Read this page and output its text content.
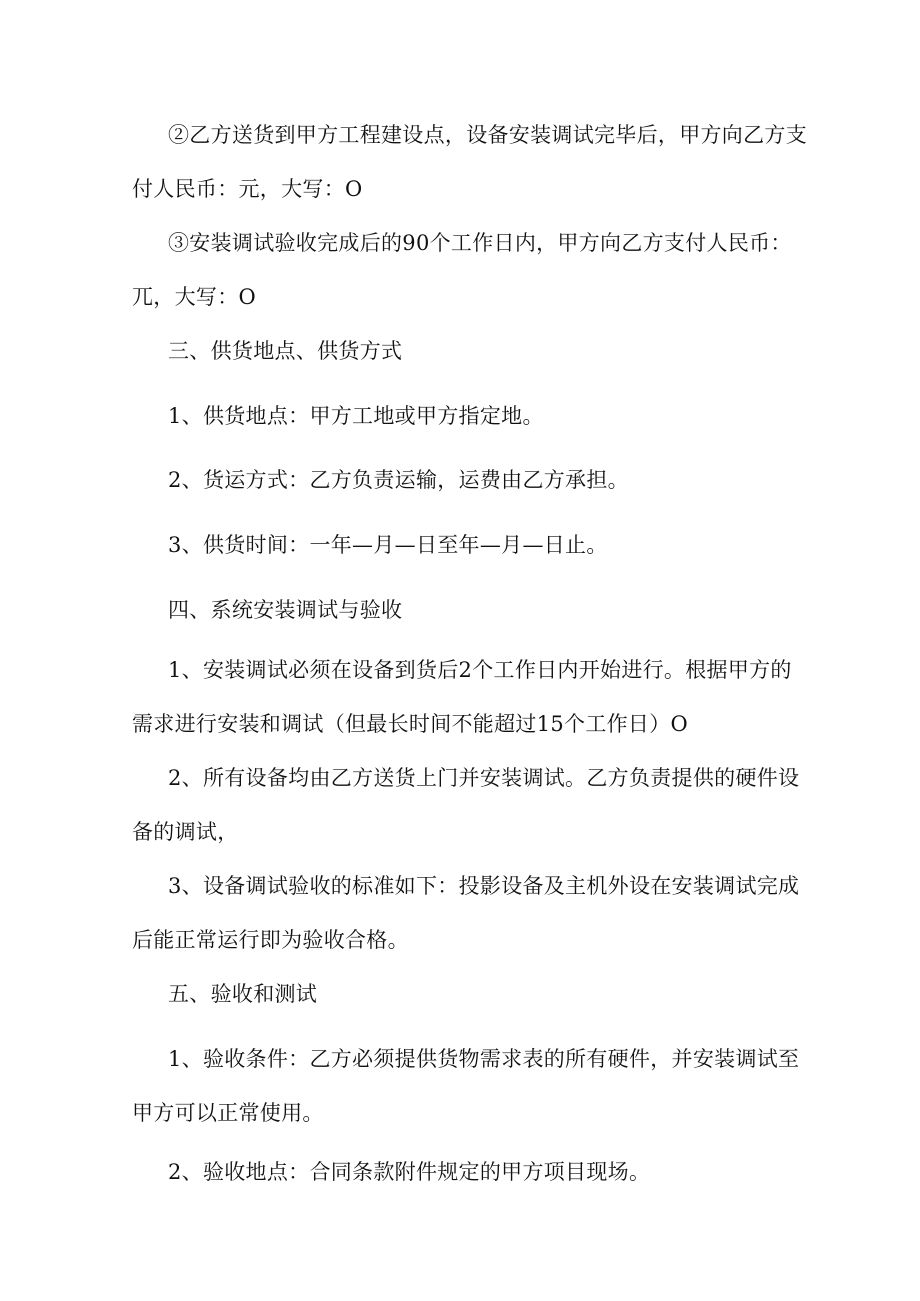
②乙方送货到甲方工程建设点，设备安装调试完毕后，甲方向乙方支付人民币：元，大写：O

③安装调试验收完成后的90个工作日内，甲方向乙方支付人民币：兀，大写：O

三、供货地点、供货方式

1、供货地点：甲方工地或甲方指定地。

2、货运方式：乙方负责运输，运费由乙方承担。

3、供货时间：一年—月—日至年—月—日止。

四、系统安装调试与验收

1、安装调试必须在设备到货后2个工作日内开始进行。根据甲方的需求进行安装和调试（但最长时间不能超过15个工作日）O

2、所有设备均由乙方送货上门并安装调试。乙方负责提供的硬件设备的调试，

3、设备调试验收的标准如下：投影设备及主机外设在安装调试完成后能正常运行即为验收合格。

五、验收和测试

1、验收条件：乙方必须提供货物需求表的所有硬件，并安装调试至甲方可以正常使用。

2、验收地点：合同条款附件规定的甲方项目现场。
